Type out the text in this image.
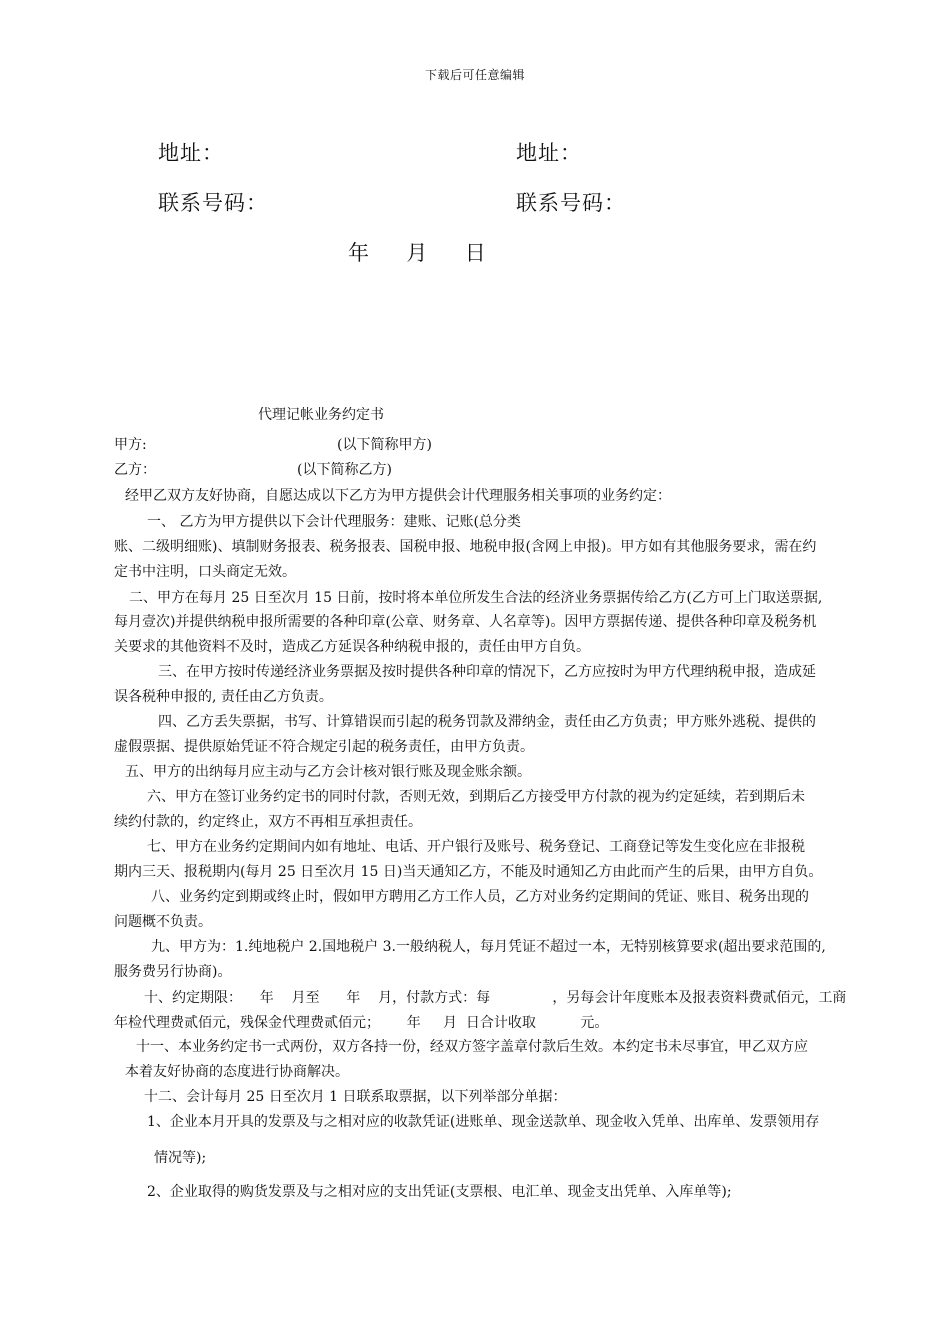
下载后可任意编辑
地址：	地址：
联系号码：	联系号码：
年 月 日
代理记帐业务约定书
甲方:	(以下简称甲方)
乙方：	(以下简称乙方)
经甲乙双方友好协商，自愿达成以下乙方为甲方提供会计代理服务相关事项的业务约定：
一、 乙方为甲方提供以下会计代理服务：建账、记账(总分类
账、二级明细账)、填制财务报表、税务报表、国税申报、地税申报(含网上申报)。甲方如有其他服务要求，需在约
定书中注明，口头商定无效。
二、甲方在每月 25 日至次月 15 日前，按时将本单位所发生合法的经济业务票据传给乙方(乙方可上门取送票据,
每月壹次)并提供纳税申报所需要的各种印章(公章、财务章、人名章等)。因甲方票据传递、提供各种印章及税务机
关要求的其他资料不及时，造成乙方延误各种纳税申报的，责任由甲方自负。
三、在甲方按时传递经济业务票据及按时提供各种印章的情况下，乙方应按时为甲方代理纳税申报，造成延
误各税种申报的, 责任由乙方负责。
四、乙方丢失票据，书写、计算错误而引起的税务罚款及滞纳金，责任由乙方负责；甲方账外逃税、提供的
虚假票据、提供原始凭证不符合规定引起的税务责任，由甲方负责。
五、甲方的出纳每月应主动与乙方会计核对银行账及现金账余额。
六、甲方在签订业务约定书的同时付款，否则无效，到期后乙方接受甲方付款的视为约定延续，若到期后未
续约付款的，约定终止，双方不再相互承担责任。
七、甲方在业务约定期间内如有地址、电话、开户银行及账号、税务登记、工商登记等发生变化应在非报税
期内三天、报税期内(每月 25 日至次月 15 日)当天通知乙方，不能及时通知乙方由此而产生的后果，由甲方自负。
八、业务约定到期或终止时，假如甲方聘用乙方工作人员，乙方对业务约定期间的凭证、账目、税务出现的
问题概不负责。
九、甲方为：1.纯地税户 2.国地税户 3.一般纳税人，每月凭证不超过一本，无特别核算要求(超出要求范围的,
服务费另行协商)。
十、约定期限：    年    月至      年    月，付款方式：每              ，另每会计年度账本及报表资料费贰佰元，工商
年检代理费贰佰元，残保金代理费贰佰元；      年     月  日合计收取          元。
十一、本业务约定书一式两份，双方各持一份，经双方签字盖章付款后生效。本约定书未尽事宜，甲乙双方应
本着友好协商的态度进行协商解决。
十二、会计每月 25 日至次月 1 日联系取票据，以下列举部分单据：
1、企业本月开具的发票及与之相对应的收款凭证(进账单、现金送款单、现金收入凭单、出库单、发票领用存
情况等);
2、企业取得的购货发票及与之相对应的支出凭证(支票根、电汇单、现金支出凭单、入库单等);
